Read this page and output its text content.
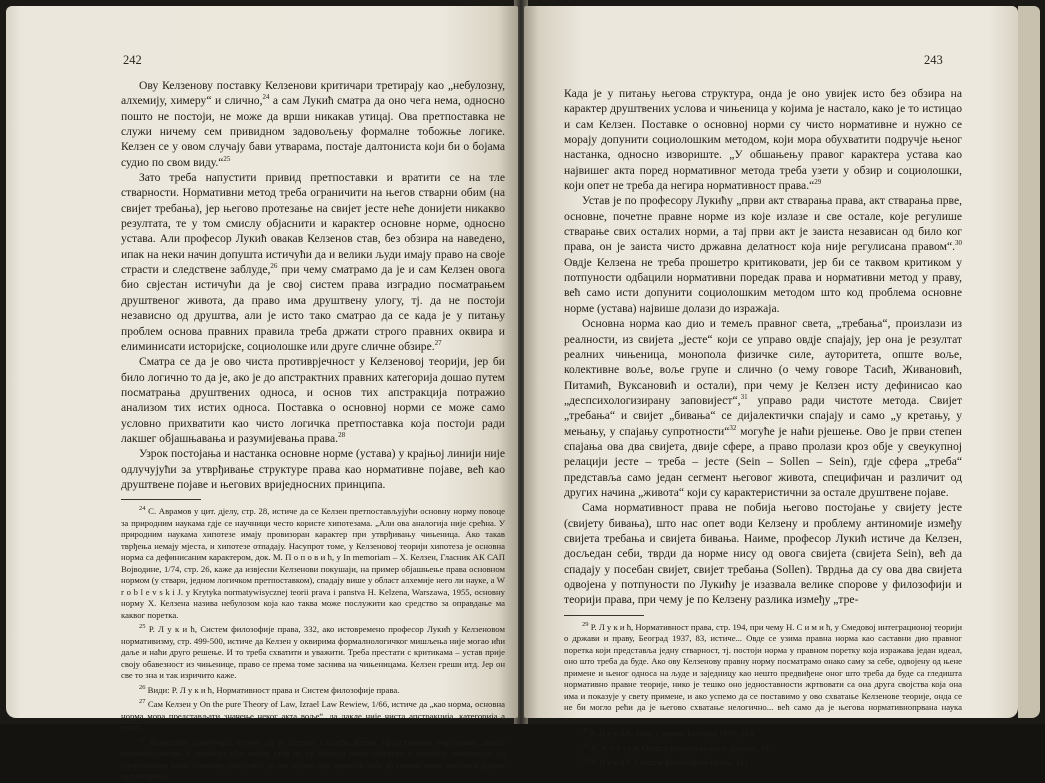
242

Ову Келзенову поставку Келзенови критичари третирају као „небулозну, алхемију, химеру“ и слично,$^{24}$ а сам Лукић сматра да оно чега нема, односно пошто не постоји, не може да врши никакав утицај. Ова претпоставка не служи ничему сем привидном задовољењу формалне тобожње логике. Келзен се у овом случају бави утварама, постаје далтониста који би о бојама судио по свом виду.“$^{25}$

Зато треба напустити привид претпоставки и вратити се на тле стварности. Нормативни метод треба ограничити на његов стварни обим (на свијет требања), јер његово протезање на свијет јесте неће донијети никакво резултата, те у том смислу објаснити и карактер основне норме, односно устава. Али професор Лукић овакав Келзенов став, без обзира на наведено, ипак на неки начин допушта истичући да и велики људи имају право на своје страсти и следствене заблуде,$^{26}$ при чему сматрамо да је и сам Келзен овога био свјестан истичући да је свој систем права изградио посматрањем друштвеног живота, да право има друштвену улогу, тј. да не постоји независно од друштва, али је исто тако сматрао да се када је у питању проблем основа правних правила треба држати строго правних оквира и елиминисати историјске, социолошке или друге сличне обзире.$^{27}$

Сматра се да је ово чиста противрјечност у Келзеновој теорији, јер би било логично то да је, ако је до апстрактних правних категорија дошао путем посматрања друштвених односа, и основ тих апстракција потражио анализом тих истих односа. Поставка о основној норми се може само условно прихватити као чисто логичка претпоставка која постоји ради лакшег објашњавања и разумијевања права.$^{28}$

Узрок постојања и настанка основне норме (устава) у крајњој линији није одлучујући за утврђивање структуре права као нормативне појаве, већ као друштвене појаве и његових вриједносних принципа.

$^{24}$ С. Аврамов у цит. дјелу, стр. 28, истиче да се Келзен претпостављујући основну норму повоце за природним наукама гдје се научници често користе хипотезама. „Али ова аналогија није срећна. У природним наукама хипотезе имају провизоран карактер при утврђивању чињеница. Ако такав тврђења немају мјеста, и хипотезе отпадају. Насупрот томе, у Келзеновој теорији хипотеза је основна норма са дефинисаним карактером, док. М. П о п о в и ћ, у In memoriam – Х. Келзен, Гласник АК САП Војводине, 1/74, стр. 26, каже да извјесни Келзенови покушаји, на пример објашњење права основном нормом (у стварн, једном логичком претпоставком), спадају више у област алхемије него ли науке, а W r o b l e v s k i J. у Krytyka normatywisycznej teorii prava i panstva H. Kelzena, Warszawa, 1955, основну норму Х. Келзена назива небулозом која као таква може послужити као средство за оправдање ма каквог поретка.

$^{25}$ Р. Л у к и ћ, Систем филозофије права, 332, ако истовремено професор Лукић у Келзеновом нормативизму, стр. 499-500, истиче да Келзен у оквирима формалнологичког мишљења није могао ићи даље и наћи друго решење. И то треба схватити и уважити. Треба престати с критикама – устав прије своју обавезност из чињенице, право се према томе заснива на чињеницама. Келзен греши итд. Јер он све то зна и так изричито каже.

$^{26}$ Види: Р. Л у к и ћ, Нормативност права и Систем филозофије права.

$^{27}$ Сам Келзен у On the pure Theory of Law, Izrael Law Rewiew, 1/66, истиче да „као норма, основна норма мора представљати значење неког акта воље“, да дакле није чиста апстракција, категорија а priori.

$^{28}$ Келзенови критичари истичу да је Келзен, следећи Коена, представника марбуршке школе неокантијанства и примењујући његов став да су објекти наше спознаје у потпуну зависности од оријентације наше спознаје, закључио да све појаве које правник хоће да спозна може спознати једино путем права.

243

Када је у питању његова структура, онда је оно увијек исто без обзира на карактер друштвених услова и чињеница у којима је настало, како је то истицао и сам Келзен. Поставке о основној норми су чисто нормативне и нужно се морају допунити социолошким методом, који мора обухватити подручје њеног настанка, односно извориште. „У обшањењу правог карактера устава као највишег акта поред нормативног метода треба узети у обзир и социолошки, који опет не треба да негира нормативност права.“$^{29}$

Устав је по професору Лукићу „први акт стварања права, акт стварања прве, основне, почетне правне норме из које излазе и све остале, које регулише стварање свих осталих норми, а тај први акт је заиста независан од било ког права, он је заиста чисто државна делатност која није регулисана правом“.$^{30}$ Овдје Келзена не треба прошетро критиковати, јер би се таквом критиком у потпуности одбацили нормативни поредак права и нормативни метод у праву, већ само исти допунити социолошким методом што код проблема основне норме (устава) највише долази до изражаја.

Основна норма као дио и темељ правног свeта, „требања“, произлази из реалности, из свијета „јесте“ који се управо овдје спајају, јер она је резултат реалних чињеница, монопола физичке силе, ауторитета, опште воље, колективне воље, воље групе и слично (о чему говоре Тасић, Живановић, Питамић, Вуксановић и остали), при чему је Келзен исту дефинисао као „деспсихологизирану заповијест“,$^{31}$ управо ради чистоте метода. Свијет „требања“ и свијет „бивања“ се дијалектички спајају и само „у кретању, у мењању, у спајању супротности“$^{32}$ могуће је наћи рјешење. Ово је први степен спајања ова два свијета, двије сфере, а право пролази кроз обје у свеукупној релацији јесте – треба – јесте (Sein – Sollen – Sein), гдје сфера „треба“ представља само један сегмент његовог живота, специфичан и различит од других начина „живота“ који су карактеристични за остале друштвене појаве.

Сама нормативност права не побија његово постојање у свијету јесте (свијету бивања), што нас опет води Келзену и проблему антиномије између свијета требања и свијета бивања. Наиме, професор Лукић истиче да Келзен, досљедан себи, тврди да норме нису од овога свијета (свијета Sein), већ да спадају у посебан свијет, свијет требања (Sollen). Тврдња да су ова два свијета одвојена у потпуности по Лукићу је изазвала велике спорове у филозофији и теорији права, при чему је по Келзену разлика између „тре-

$^{29}$ Р. Л у к и ћ, Нормативност права, стр. 194, при чему Н. С и м и ћ, у Смедовој интеграционој теорији о држави и праву, Београд 1937, 83, истиче... Овде се узима правна норма као саставни дио правног поретка који представља једну стварност, тј. постоји норма у правном поретку која изражава један идеал, оно што треба да буде. Ако ову Келзенову правну норму посматрамо онако саму за себе, одвојену од њене примене и њеног односа на људе и заједницу као нешто предвиђене оног што треба да буде са гледишта нормативно правне теорије, нико је тешко оно једноставности жртвовати са она друга својства која она има и показује у свету примене, и ако успемо да се поставимо у ово схватање Келзенове теорије, онда се не би могло рећи да је његово схватање нелогично... већ само да је његова нормативнопрвана наука недовољна.

$^{30}$ Р. Л у к и ћ, Увод у право, Београд 1991, 113.

$^{31}$ Х. К е л з е н, Општа теорија права и државе, 49.

$^{32}$ Р. Л у к и ћ, Систем филозофије права, 341.
